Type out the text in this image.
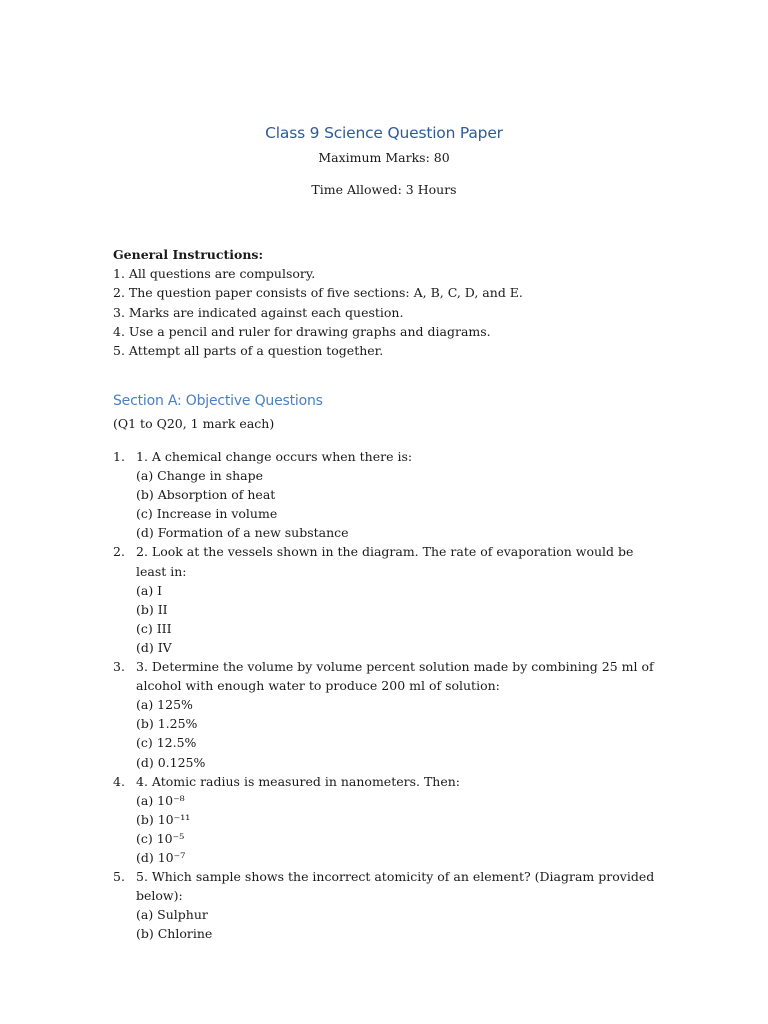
Class 9 Science Question Paper
Maximum Marks: 80
Time Allowed: 3 Hours
General Instructions:
1. All questions are compulsory.
2. The question paper consists of five sections: A, B, C, D, and E.
3. Marks are indicated against each question.
4. Use a pencil and ruler for drawing graphs and diagrams.
5. Attempt all parts of a question together.
Section A: Objective Questions
(Q1 to Q20, 1 mark each)
1. 1. A chemical change occurs when there is:
(a) Change in shape
(b) Absorption of heat
(c) Increase in volume
(d) Formation of a new substance
2. 2. Look at the vessels shown in the diagram. The rate of evaporation would be least in:
(a) I
(b) II
(c) III
(d) IV
3. 3. Determine the volume by volume percent solution made by combining 25 ml of alcohol with enough water to produce 200 ml of solution:
(a) 125%
(b) 1.25%
(c) 12.5%
(d) 0.125%
4. 4. Atomic radius is measured in nanometers. Then:
(a) 10⁻⁸
(b) 10⁻¹¹
(c) 10⁻⁵
(d) 10⁻⁷
5. 5. Which sample shows the incorrect atomicity of an element? (Diagram provided below):
(a) Sulphur
(b) Chlorine
